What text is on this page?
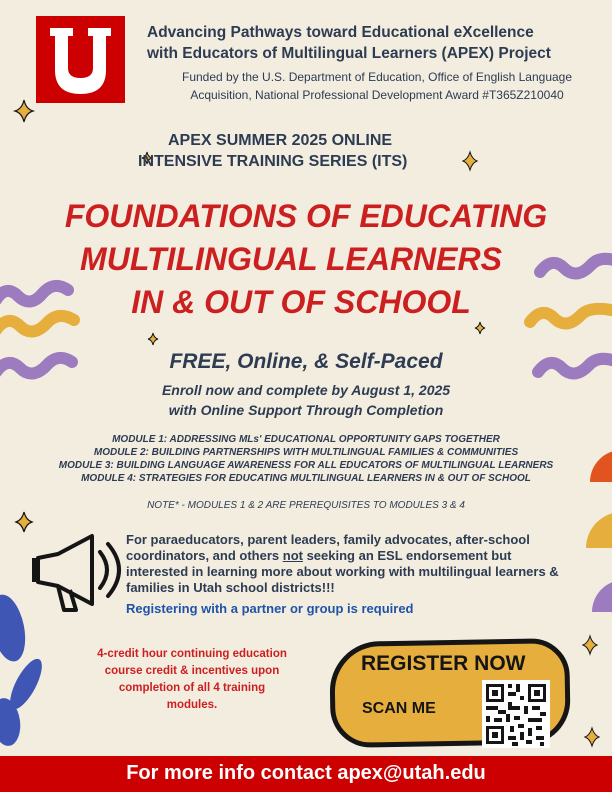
®
Advancing Pathways toward Educational eXcellence
with Educators of Multilingual Learners (APEX) Project
Funded by the U.S. Department of Education, Office of English Language
Acquisition, National Professional Development Award #T365Z210040
APEX SUMMER 2025 ONLINE
INTENSIVE TRAINING SERIES (ITS)
FOUNDATIONS OF EDUCATING
MULTILINGUAL LEARNERS
IN & OUT OF SCHOOL
FREE, Online, & Self-Paced
Enroll now and complete by August 1, 2025
with Online Support Through Completion
MODULE 1: ADDRESSING MLs' EDUCATIONAL OPPORTUNITY GAPS TOGETHER
MODULE 2: BUILDING PARTNERSHIPS WITH MULTILINGUAL FAMILIES & COMMUNITIES
MODULE 3: BUILDING LANGUAGE AWARENESS FOR ALL EDUCATORS OF MULTILINGUAL LEARNERS
MODULE 4: STRATEGIES FOR EDUCATING MULTILINGUAL LEARNERS IN & OUT OF SCHOOL
NOTE* - MODULES 1 & 2 ARE PREREQUISITES TO MODULES 3 & 4
For paraeducators, parent leaders, family advocates, after-school coordinators, and others not seeking an ESL endorsement but interested in learning more about working with multilingual learners & families in Utah school districts!!!
Registering with a partner or group is required
4-credit hour continuing education
course credit & incentives upon
completion of all 4 training
modules.
REGISTER NOW
SCAN ME
For more info contact apex@utah.edu
